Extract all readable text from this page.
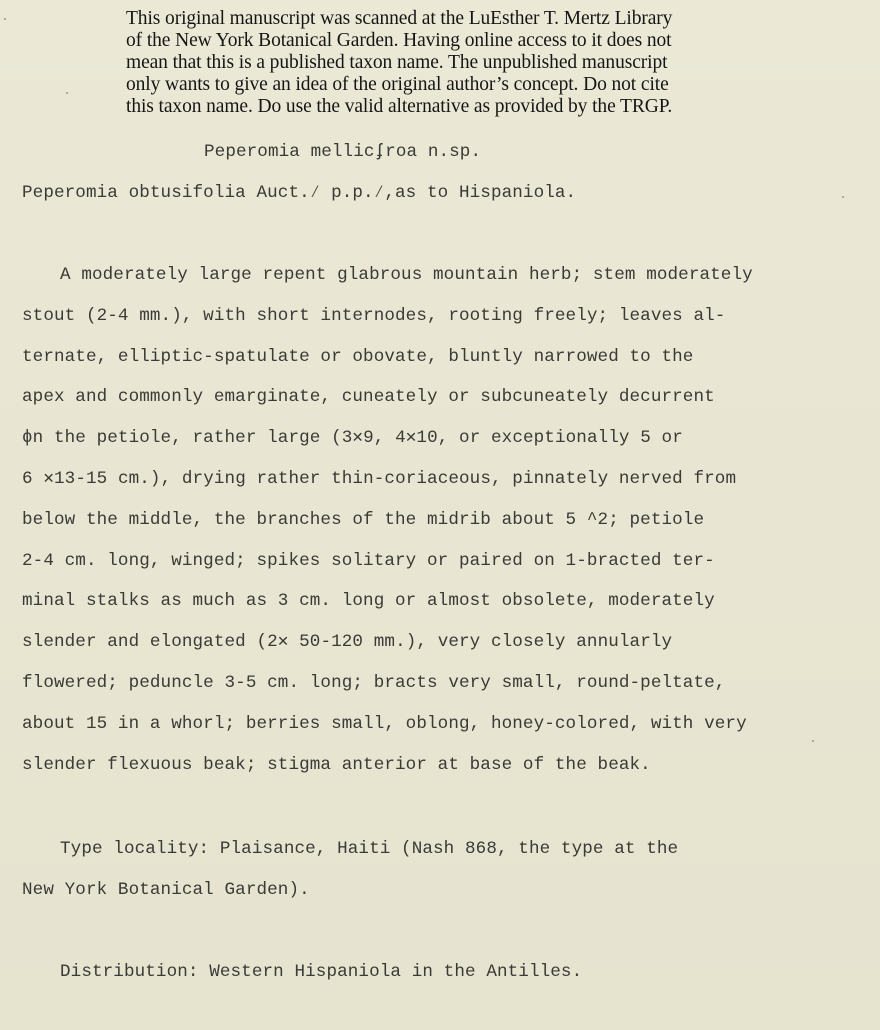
This original manuscript was scanned at the LuEsther T. Mertz Library
of the New York Botanical Garden. Having online access to it does not
mean that this is a published taxon name. The unpublished manuscript
only wants to give an idea of the original author’s concept. Do not cite
this taxon name. Do use the valid alternative as provided by the TRGP.
Peperomia mellicʄroa n.sp.
Peperomia obtusifolia Auct.⁄ p.p.⁄,as to Hispaniola.
A moderately large repent glabrous mountain herb; stem moderately
stout (2-4 mm.), with short internodes, rooting freely; leaves al-
ternate, elliptic-spatulate or obovate, bluntly narrowed to the
apex and commonly emarginate, cuneately or subcuneately decurrent
ɸn the petiole, rather large (3✕9, 4✕10, or exceptionally 5 or
6 ✕13-15 cm.), drying rather thin-coriaceous, pinnately nerved from
below the middle, the branches of the midrib about 5 ^2; petiole
2-4 cm. long, winged; spikes solitary or paired on 1-bracted ter-
minal stalks as much as 3 cm. long or almost obsolete, moderately
slender and elongated (2✕ 50-120 mm.), very closely annularly
flowered; peduncle 3-5 cm. long; bracts very small, round-peltate,
about 15 in a whorl; berries small, oblong, honey-colored, with very
slender flexuous beak; stigma anterior at base of the beak.
Type locality: Plaisance, Haiti (Nash 868, the type at the
New York Botanical Garden).
Distribution: Western Hispaniola in the Antilles.
